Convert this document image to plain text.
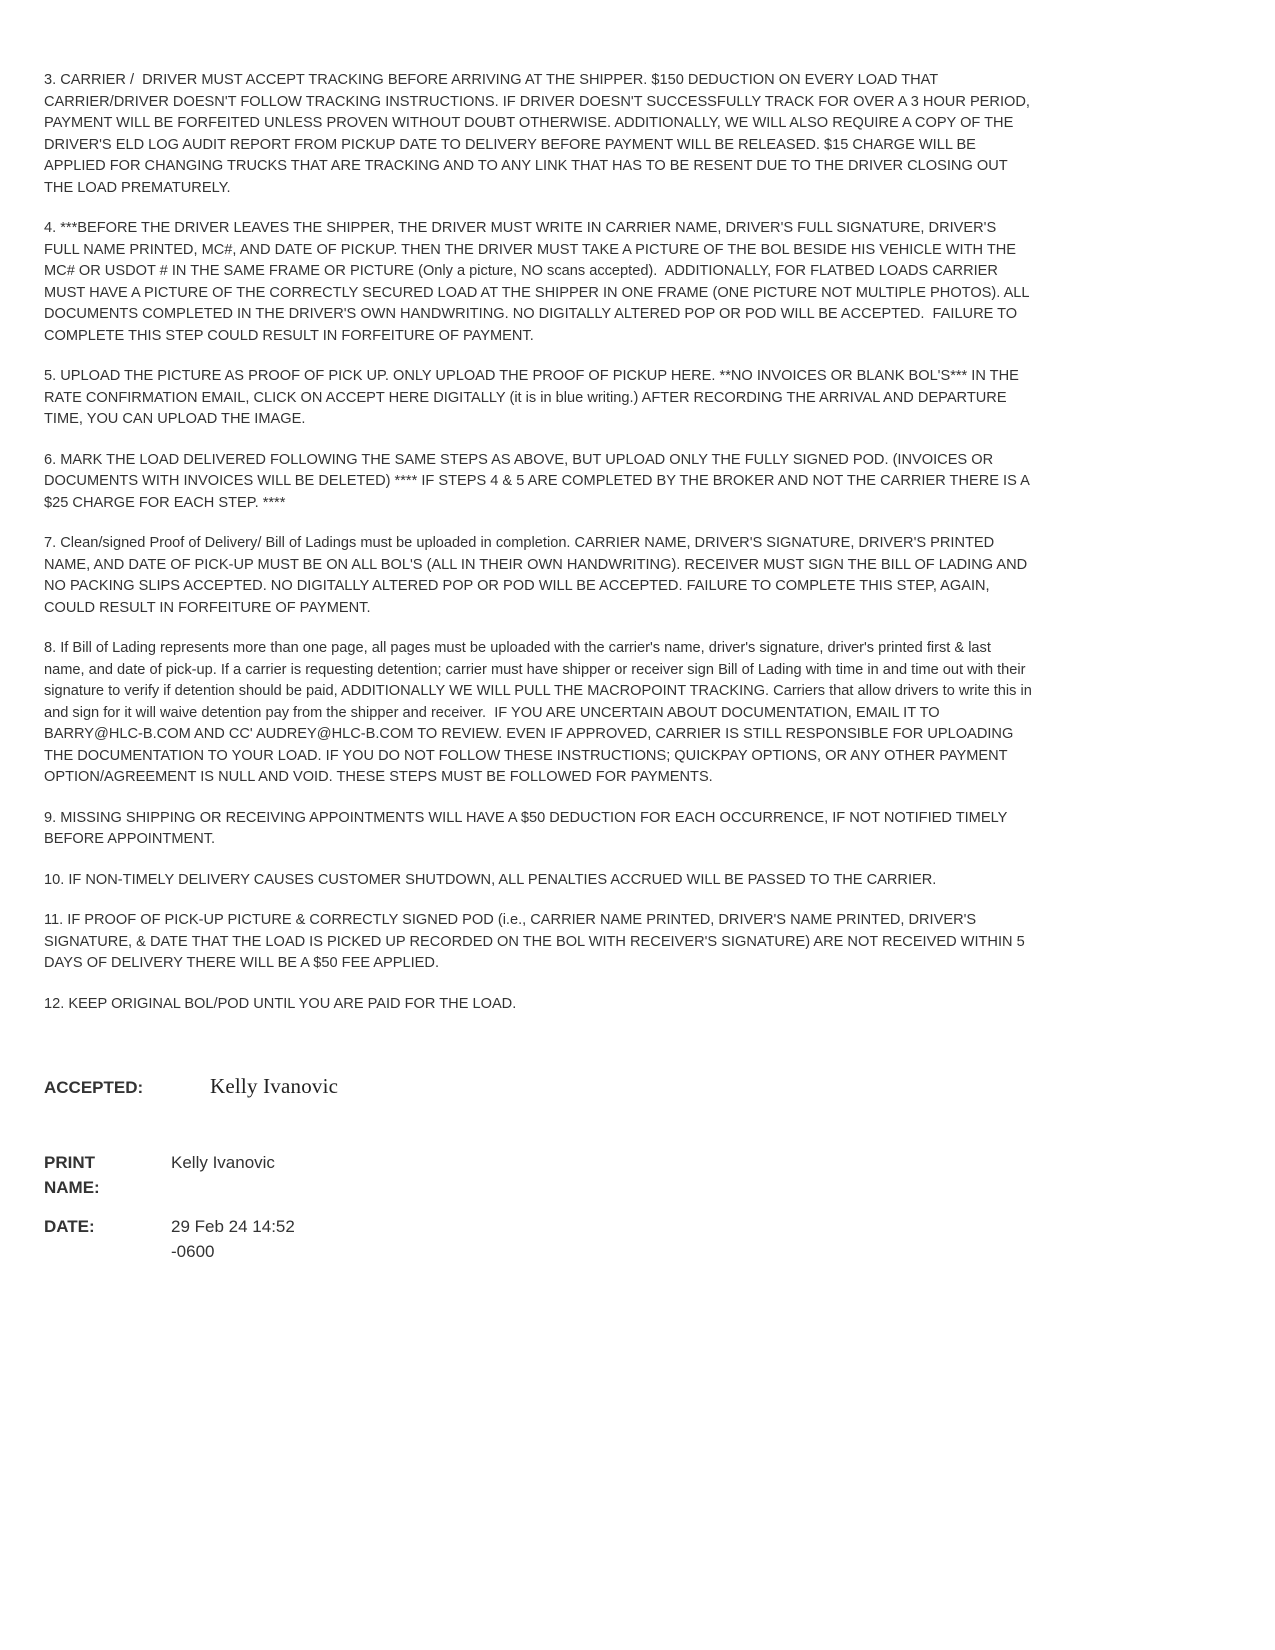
3. CARRIER /  DRIVER MUST ACCEPT TRACKING BEFORE ARRIVING AT THE SHIPPER. $150 DEDUCTION ON EVERY LOAD THAT CARRIER/DRIVER DOESN'T FOLLOW TRACKING INSTRUCTIONS. IF DRIVER DOESN'T SUCCESSFULLY TRACK FOR OVER A 3 HOUR PERIOD, PAYMENT WILL BE FORFEITED UNLESS PROVEN WITHOUT DOUBT OTHERWISE. ADDITIONALLY, WE WILL ALSO REQUIRE A COPY OF THE DRIVER'S ELD LOG AUDIT REPORT FROM PICKUP DATE TO DELIVERY BEFORE PAYMENT WILL BE RELEASED. $15 CHARGE WILL BE APPLIED FOR CHANGING TRUCKS THAT ARE TRACKING AND TO ANY LINK THAT HAS TO BE RESENT DUE TO THE DRIVER CLOSING OUT THE LOAD PREMATURELY.

4. ***BEFORE THE DRIVER LEAVES THE SHIPPER, THE DRIVER MUST WRITE IN CARRIER NAME, DRIVER'S FULL SIGNATURE, DRIVER'S FULL NAME PRINTED, MC#, AND DATE OF PICKUP. THEN THE DRIVER MUST TAKE A PICTURE OF THE BOL BESIDE HIS VEHICLE WITH THE MC# OR USDOT # IN THE SAME FRAME OR PICTURE (Only a picture, NO scans accepted).  ADDITIONALLY, FOR FLATBED LOADS CARRIER MUST HAVE A PICTURE OF THE CORRECTLY SECURED LOAD AT THE SHIPPER IN ONE FRAME (ONE PICTURE NOT MULTIPLE PHOTOS). ALL DOCUMENTS COMPLETED IN THE DRIVER'S OWN HANDWRITING. NO DIGITALLY ALTERED POP OR POD WILL BE ACCEPTED.  FAILURE TO COMPLETE THIS STEP COULD RESULT IN FORFEITURE OF PAYMENT.

5. UPLOAD THE PICTURE AS PROOF OF PICK UP. ONLY UPLOAD THE PROOF OF PICKUP HERE. **NO INVOICES OR BLANK BOL'S*** IN THE RATE CONFIRMATION EMAIL, CLICK ON ACCEPT HERE DIGITALLY (it is in blue writing.) AFTER RECORDING THE ARRIVAL AND DEPARTURE TIME, YOU CAN UPLOAD THE IMAGE.

6. MARK THE LOAD DELIVERED FOLLOWING THE SAME STEPS AS ABOVE, BUT UPLOAD ONLY THE FULLY SIGNED POD. (INVOICES OR DOCUMENTS WITH INVOICES WILL BE DELETED) **** IF STEPS 4 & 5 ARE COMPLETED BY THE BROKER AND NOT THE CARRIER THERE IS A $25 CHARGE FOR EACH STEP. ****

7. Clean/signed Proof of Delivery/ Bill of Ladings must be uploaded in completion. CARRIER NAME, DRIVER'S SIGNATURE, DRIVER'S PRINTED NAME, AND DATE OF PICK-UP MUST BE ON ALL BOL'S (ALL IN THEIR OWN HANDWRITING). RECEIVER MUST SIGN THE BILL OF LADING AND NO PACKING SLIPS ACCEPTED. NO DIGITALLY ALTERED POP OR POD WILL BE ACCEPTED. FAILURE TO COMPLETE THIS STEP, AGAIN, COULD RESULT IN FORFEITURE OF PAYMENT.

8. If Bill of Lading represents more than one page, all pages must be uploaded with the carrier's name, driver's signature, driver's printed first & last name, and date of pick-up. If a carrier is requesting detention; carrier must have shipper or receiver sign Bill of Lading with time in and time out with their signature to verify if detention should be paid, ADDITIONALLY WE WILL PULL THE MACROPOINT TRACKING. Carriers that allow drivers to write this in and sign for it will waive detention pay from the shipper and receiver.  IF YOU ARE UNCERTAIN ABOUT DOCUMENTATION, EMAIL IT TO BARRY@HLC-B.COM AND CC' AUDREY@HLC-B.COM TO REVIEW. EVEN IF APPROVED, CARRIER IS STILL RESPONSIBLE FOR UPLOADING THE DOCUMENTATION TO YOUR LOAD. IF YOU DO NOT FOLLOW THESE INSTRUCTIONS; QUICKPAY OPTIONS, OR ANY OTHER PAYMENT OPTION/AGREEMENT IS NULL AND VOID. THESE STEPS MUST BE FOLLOWED FOR PAYMENTS.

9. MISSING SHIPPING OR RECEIVING APPOINTMENTS WILL HAVE A $50 DEDUCTION FOR EACH OCCURRENCE, IF NOT NOTIFIED TIMELY BEFORE APPOINTMENT.

10. IF NON-TIMELY DELIVERY CAUSES CUSTOMER SHUTDOWN, ALL PENALTIES ACCRUED WILL BE PASSED TO THE CARRIER.

11. IF PROOF OF PICK-UP PICTURE & CORRECTLY SIGNED POD (i.e., CARRIER NAME PRINTED, DRIVER'S NAME PRINTED, DRIVER'S SIGNATURE, & DATE THAT THE LOAD IS PICKED UP RECORDED ON THE BOL WITH RECEIVER'S SIGNATURE) ARE NOT RECEIVED WITHIN 5 DAYS OF DELIVERY THERE WILL BE A $50 FEE APPLIED.

12. KEEP ORIGINAL BOL/POD UNTIL YOU ARE PAID FOR THE LOAD.

ACCEPTED:	Kelly Ivanovic
PRINT NAME:
Kelly Ivanovic
DATE:	29 Feb 24 14:52 -0600
